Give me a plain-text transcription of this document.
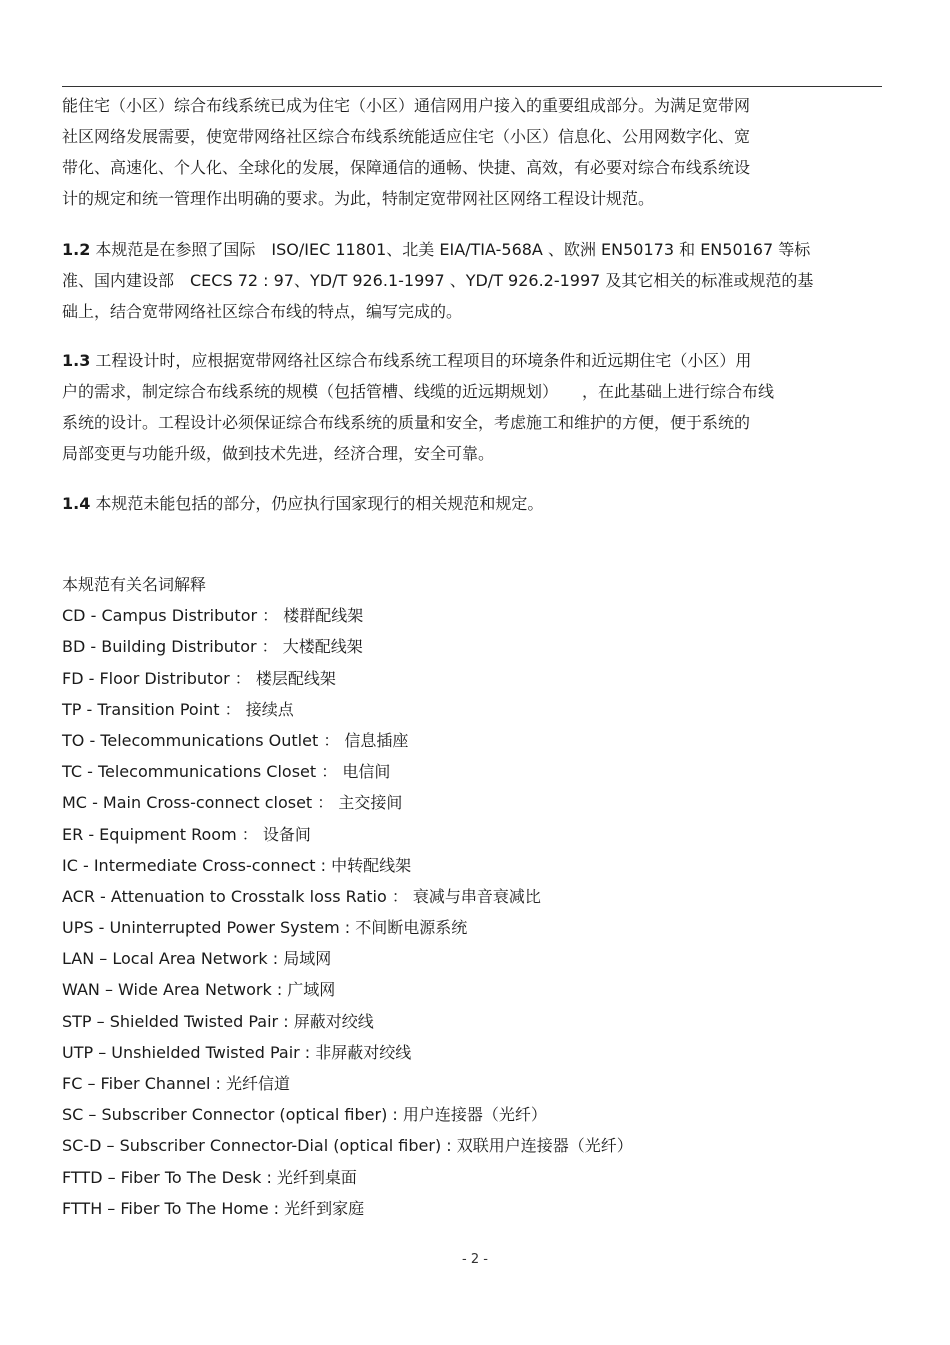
能住宅（小区）综合布线系统已成为住宅（小区）通信网用户接入的重要组成部分。为满足宽带网
社区网络发展需要，使宽带网络社区综合布线系统能适应住宅（小区）信息化、公用网数字化、宽
带化、高速化、个人化、全球化的发展，保障通信的通畅、快捷、高效，有必要对综合布线系统设
计的规定和统一管理作出明确的要求。为此，特制定宽带网社区网络工程设计规范。
1.2 本规范是在参照了国际　ISO/IEC 11801、北美 EIA/TIA-568A 、欧洲 EN50173 和 EN50167 等标
准、国内建设部　CECS 72 : 97、YD/T 926.1-1997 、YD/T 926.2-1997 及其它相关的标准或规范的基
础上，结合宽带网络社区综合布线的特点，编写完成的。
1.3 工程设计时，应根据宽带网络社区综合布线系统工程项目的环境条件和近远期住宅（小区）用
户的需求，制定综合布线系统的规模（包括管槽、线缆的近远期规划）　　，在此基础上进行综合布线
系统的设计。工程设计必须保证综合布线系统的质量和安全，考虑施工和维护的方便，便于系统的
局部变更与功能升级，做到技术先进，经济合理，安全可靠。
1.4 本规范未能包括的部分，仍应执行国家现行的相关规范和规定。
本规范有关名词解释
CD - Campus Distributor ： 楼群配线架
BD - Building Distributor ： 大楼配线架
FD - Floor Distributor ： 楼层配线架
TP - Transition Point ： 接续点
TO - Telecommunications Outlet ： 信息插座
TC - Telecommunications Closet ： 电信间
MC - Main Cross-connect closet ： 主交接间
ER - Equipment Room ： 设备间
IC - Intermediate Cross-connect : 中转配线架
ACR - Attenuation to Crosstalk loss Ratio ： 衰减与串音衰减比
UPS - Uninterrupted Power System : 不间断电源系统
LAN – Local Area Network : 局域网
WAN – Wide Area Network : 广域网
STP – Shielded Twisted Pair : 屏蔽对绞线
UTP – Unshielded Twisted Pair : 非屏蔽对绞线
FC – Fiber Channel : 光纤信道
SC – Subscriber Connector (optical fiber) : 用户连接器（光纤）
SC-D – Subscriber Connector-Dial (optical fiber) : 双联用户连接器（光纤）
FTTD – Fiber To The Desk : 光纤到桌面
FTTH – Fiber To The Home : 光纤到家庭
- 2 -
